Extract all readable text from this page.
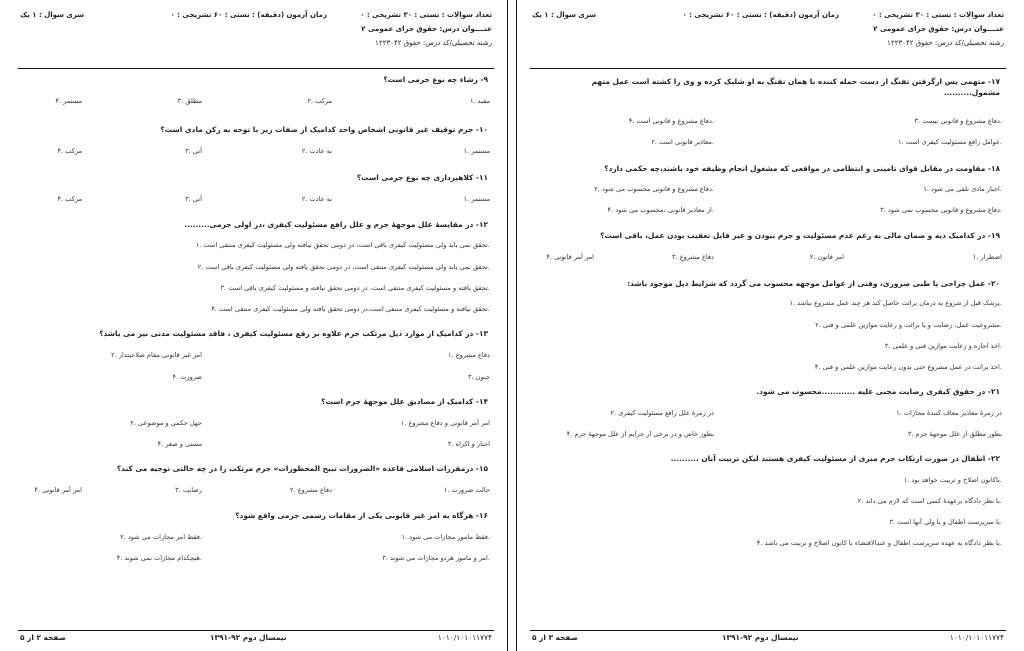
تعداد سوالات : تستی : ۳۰ تشریحی : ۰
زمان آزمون (دقیقه) : تستی : ۶۰ تشریحی : ۰
سری سوال : ۱ یک
عنــــوان درس: حقوق جزای عمومی ۲
رشته تحصیلی/کد درس: حقوق ۱۲۲۳۰۴۲
۹- رشاء چه نوع جرمی است؟
۱. مقید
۲. مرکب
۳. مطلق
۴. مستمر
۱۰- جرم توقیف غیر قانونی اشخاص واحد کدامیک از صفات زیر با توجه به رکن مادی است؟
۱. مستمر
۲. به عادت
۳. آنی
۴. مرکب
۱۱- کلاهبرداری چه نوع جرمی است؟
۱. مستمر
۲. به عادت
۳. آنی
۴. مرکب
۱۲- در مقایسهٔ علل موجههٔ جرم و علل رافع مسئولیت کیفری ،در اولی جرمی.........
۱. تحقق نمی یابد ولی مسئولیت کیفری باقی است، در دومی تحقق نیافته ولی مسئولیت کیفری منتفی است.
۲. تحقق نمی یابد ولی مسئولیت کیفری منتفی است، در دومی تحقق یافته ولی مسئولیت کیفری باقی است.
۳. تحقق یافته و مسئولیت کیفری منتفی است، در دومی تحقق نیافته و مسئولیت کیفری باقی است.
۴. تحقق نیافته و مسئولیت کیفری منتفی است،در دومی تحقق یافته ولی مسئولیت کیفری منتفی است.
۱۳- در کدامیک از موارد ذیل مرتکب جرم علاوه بر رفع مسئولیت کیفری ، فاقد مسئولیت مدنی نیز می باشد؟
۱. دفاع مشروع
۲. امر غیر قانونی مقام صلاحیتدار
۳. جنون
۴. ضرورت
۱۴- کدامیک از مصادیق علل موجههٔ جرم است؟
۱. امر آمر قانونی و دفاع مشروع
۲. جهل حکمی و موضوعی
۳. اجبار و اکراه
۴. مستی و صغر
۱۵- درمقررات اسلامی قاعده «الضرورات تبیح المحظورات» جرم مرتکب را در چه حالتی توجیه می کند؟
۱. حالت ضرورت
۲. دفاع مشروع
۳. رضایت
۴. امر آمر قانونی
۱۶- هرگاه به امر غیر قانونی یکی از مقامات رسمی جرمی واقع شود؟
۱. فقط مامور مجازات می شود.
۲. فقط امر مجازات می شود.
۳. امر و مامور هردو مجازات می شوند.
۴. هیچکدام مجازات نمی شوند.
صفحه ۲ از ۵	نیمسال دوم ۹۲-۱۳۹۱	۱۰۱۰/۱۰۱۰۱۱۷۷۴
تعداد سوالات : تستی : ۳۰ تشریحی : ۰
زمان آزمون (دقیقه) : تستی : ۶۰ تشریحی : ۰
سری سوال : ۱ یک
عنــــوان درس: حقوق جزای عمومی ۲
رشته تحصیلی/کد درس: حقوق ۱۲۲۳۰۴۲
۱۷- متهمی پس ازگرفتن تفنگ از دست حمله کننده با همان تفنگ به او شلیک کرده و وی را کشته است عمل متهم مشمول..........
۳. دفاع مشروع و قانونی نیست.
۴. دفاع مشروع و قانونی است.
۱. عوامل رافع مسئولیت کیفری است.
۲. معاذیر قانونی است.
۱۸- مقاومت در مقابل قوای تامینی و انتظامی در مواقعی که مشغول انجام وظیفه خود باشند،چه حکمی دارد؟
۱. اجبار مادی تلقی می شود.
۲. دفاع مشروع و قانونی محسوب می شود.
۳. دفاع مشروع و قانونی محسوب نمی شود.
۴. از معاذیر قانونی ،محسوب می شود.
۱۹- در کدامیک دیه و ضمان مالی به رغم عدم مسئولیت و جرم نبودن و غیر قابل تعقیب بودن عمل، باقی است؟
۱. اضطرار
۲. امر قانون
۳. دفاع مشروع
۴. امر آمر قانونی
۲۰- عمل جراحی یا طبی ضروری، وقتی از عوامل موجهه محسوب می گردد که شرایط ذیل موجود باشد:
۱. پزشک قبل از شروع به درمان برائت حاصل کند هر چند عمل مشروع نباشد.
۲. مشروعیت عمل، رضایت و یا برائت و رعایت موازین علمی و فنی.
۳. اخذ اجازه و رعایت موازین فنی و علمی.
۴. اخذ برائت در عمل مشروع حتی بدون رعایت موازین علمی و فنی.
۲۱- در حقوق کیفری رضایت مجنی علیه ............محسوب می شود.
۱. در زمرهٔ معاذیر معاف کنندهٔ مجازات
۲. در زمرهٔ علل رافع مسئولیت کیفری
۳. بطور مطلق از علل موجههٔ جرم
۴. بطور خاص و در برخی از جرایم از علل موجههٔ جرم
۲۲- اطفال در صورت ارتکاب جرم مبری از مسئولیت کیفری هستند لیکن تربیت آنان ..........
۱. باکانون اصلاح و تربیت خواهد بود.
۲. با نظر دادگاه برعهدهٔ کسی است که لازم می داند.
۳. با سرپرست اطفال و یا ولی آنها است.
۴. با نظر دادگاه به عهده سرپرست اطفال و عندالاقتضاء با کانون اصلاح و تربیت می باشد.
صفحه ۳ از ۵	نیمسال دوم ۹۲-۱۳۹۱	۱۰۱۰/۱۰۱۰۱۱۷۷۴
